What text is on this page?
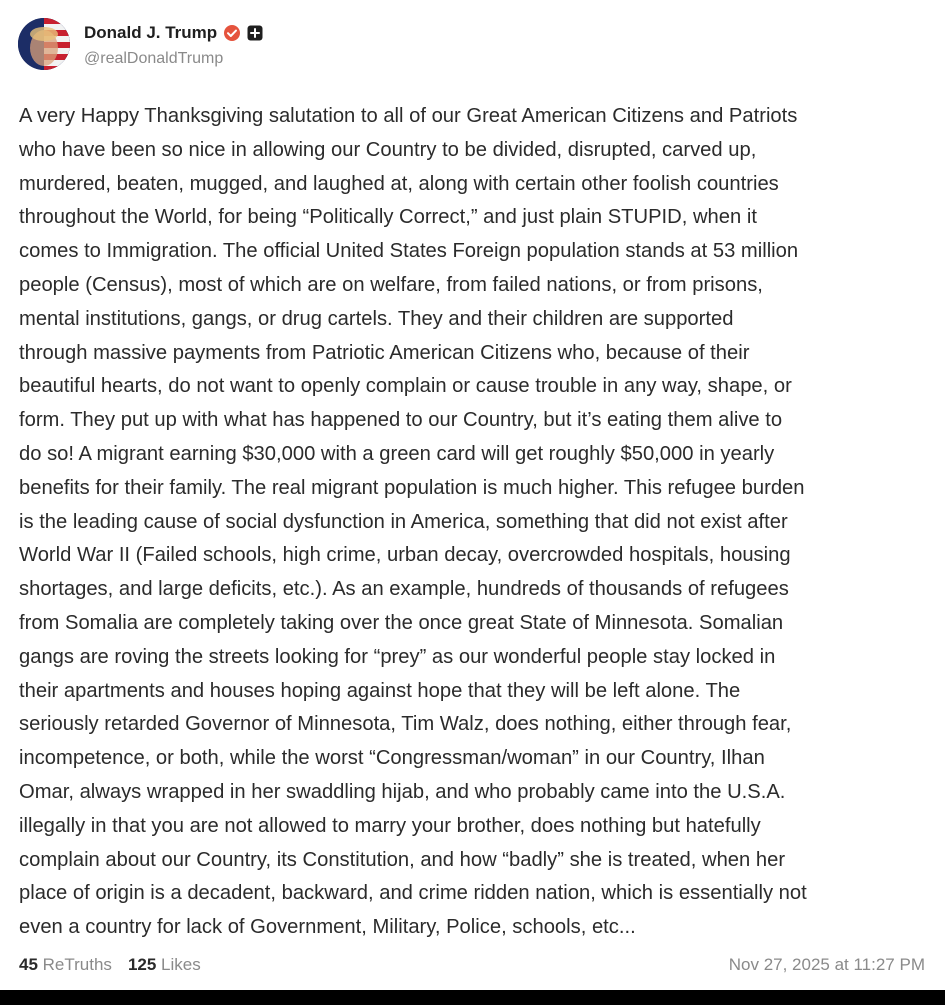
Donald J. Trump
@realDonaldTrump
A very Happy Thanksgiving salutation to all of our Great American Citizens and Patriots
who have been so nice in allowing our Country to be divided, disrupted, carved up,
murdered, beaten, mugged, and laughed at, along with certain other foolish countries
throughout the World, for being “Politically Correct,” and just plain STUPID, when it
comes to Immigration. The official United States Foreign population stands at 53 million
people (Census), most of which are on welfare, from failed nations, or from prisons,
mental institutions, gangs, or drug cartels. They and their children are supported
through massive payments from Patriotic American Citizens who, because of their
beautiful hearts, do not want to openly complain or cause trouble in any way, shape, or
form. They put up with what has happened to our Country, but it’s eating them alive to
do so! A migrant earning $30,000 with a green card will get roughly $50,000 in yearly
benefits for their family. The real migrant population is much higher. This refugee burden
is the leading cause of social dysfunction in America, something that did not exist after
World War II (Failed schools, high crime, urban decay, overcrowded hospitals, housing
shortages, and large deficits, etc.). As an example, hundreds of thousands of refugees
from Somalia are completely taking over the once great State of Minnesota. Somalian
gangs are roving the streets looking for “prey” as our wonderful people stay locked in
their apartments and houses hoping against hope that they will be left alone. The
seriously retarded Governor of Minnesota, Tim Walz, does nothing, either through fear,
incompetence, or both, while the worst “Congressman/woman” in our Country, Ilhan
Omar, always wrapped in her swaddling hijab, and who probably came into the U.S.A.
illegally in that you are not allowed to marry your brother, does nothing but hatefully
complain about our Country, its Constitution, and how “badly” she is treated, when her
place of origin is a decadent, backward, and crime ridden nation, which is essentially not
even a country for lack of Government, Military, Police, schools, etc...
45 ReTruths 125 Likes	Nov 27, 2025 at 11:27 PM
